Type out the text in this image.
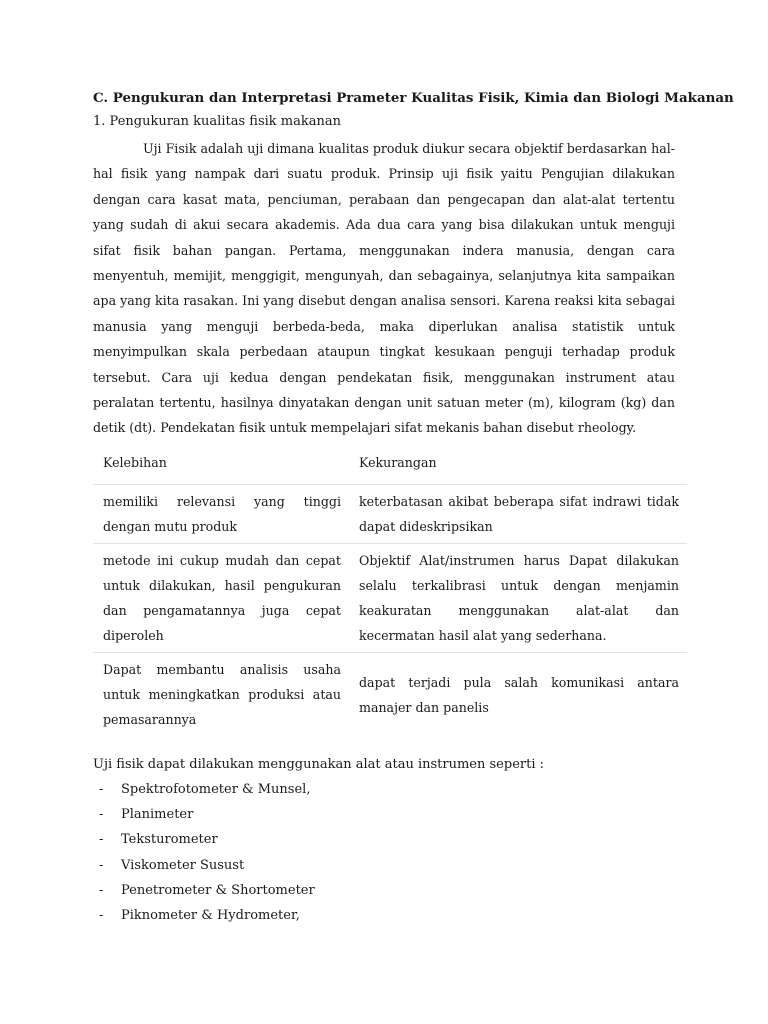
C. Pengukuran dan Interpretasi Prameter Kualitas Fisik, Kimia dan Biologi Makanan
1. Pengukuran kualitas fisik makanan

Uji Fisik adalah uji dimana kualitas produk diukur secara objektif berdasarkan hal-hal fisik yang nampak dari suatu produk. Prinsip uji fisik yaitu Pengujian dilakukan dengan cara kasat mata, penciuman, perabaan dan pengecapan dan alat-alat tertentu yang sudah di akui secara akademis. Ada dua cara yang bisa dilakukan untuk menguji sifat fisik bahan pangan. Pertama, menggunakan indera manusia, dengan cara menyentuh, memijit, menggigit, mengunyah, dan sebagainya, selanjutnya kita sampaikan apa yang kita rasakan. Ini yang disebut dengan analisa sensori. Karena reaksi kita sebagai manusia yang menguji berbeda-beda, maka diperlukan analisa statistik untuk menyimpulkan skala perbedaan ataupun tingkat kesukaan penguji terhadap produk tersebut. Cara uji kedua dengan pendekatan fisik, menggunakan instrument atau peralatan tertentu, hasilnya dinyatakan dengan unit satuan meter (m), kilogram (kg) dan detik (dt). Pendekatan fisik untuk mempelajari sifat mekanis bahan disebut rheology.

Kelebihan	Kekurangan
memiliki relevansi yang tinggi dengan mutu produk	keterbatasan akibat beberapa sifat indrawi tidak dapat dideskripsikan
metode ini cukup mudah dan cepat untuk dilakukan, hasil pengukuran dan pengamatannya juga cepat diperoleh	Objektif Alat/instrumen harus Dapat dilakukan selalu terkalibrasi untuk dengan menjamin keakuratan menggunakan alat-alat dan kecermatan hasil alat yang sederhana.
Dapat membantu analisis usaha untuk meningkatkan produksi atau pemasarannya	dapat terjadi pula salah komunikasi antara manajer dan panelis
Uji fisik dapat dilakukan menggunakan alat atau instrumen seperti :
- Spektrofotometer & Munsel,
- Planimeter
- Teksturometer
- Viskometer Susust
- Penetrometer & Shortometer
- Piknometer & Hydrometer,
